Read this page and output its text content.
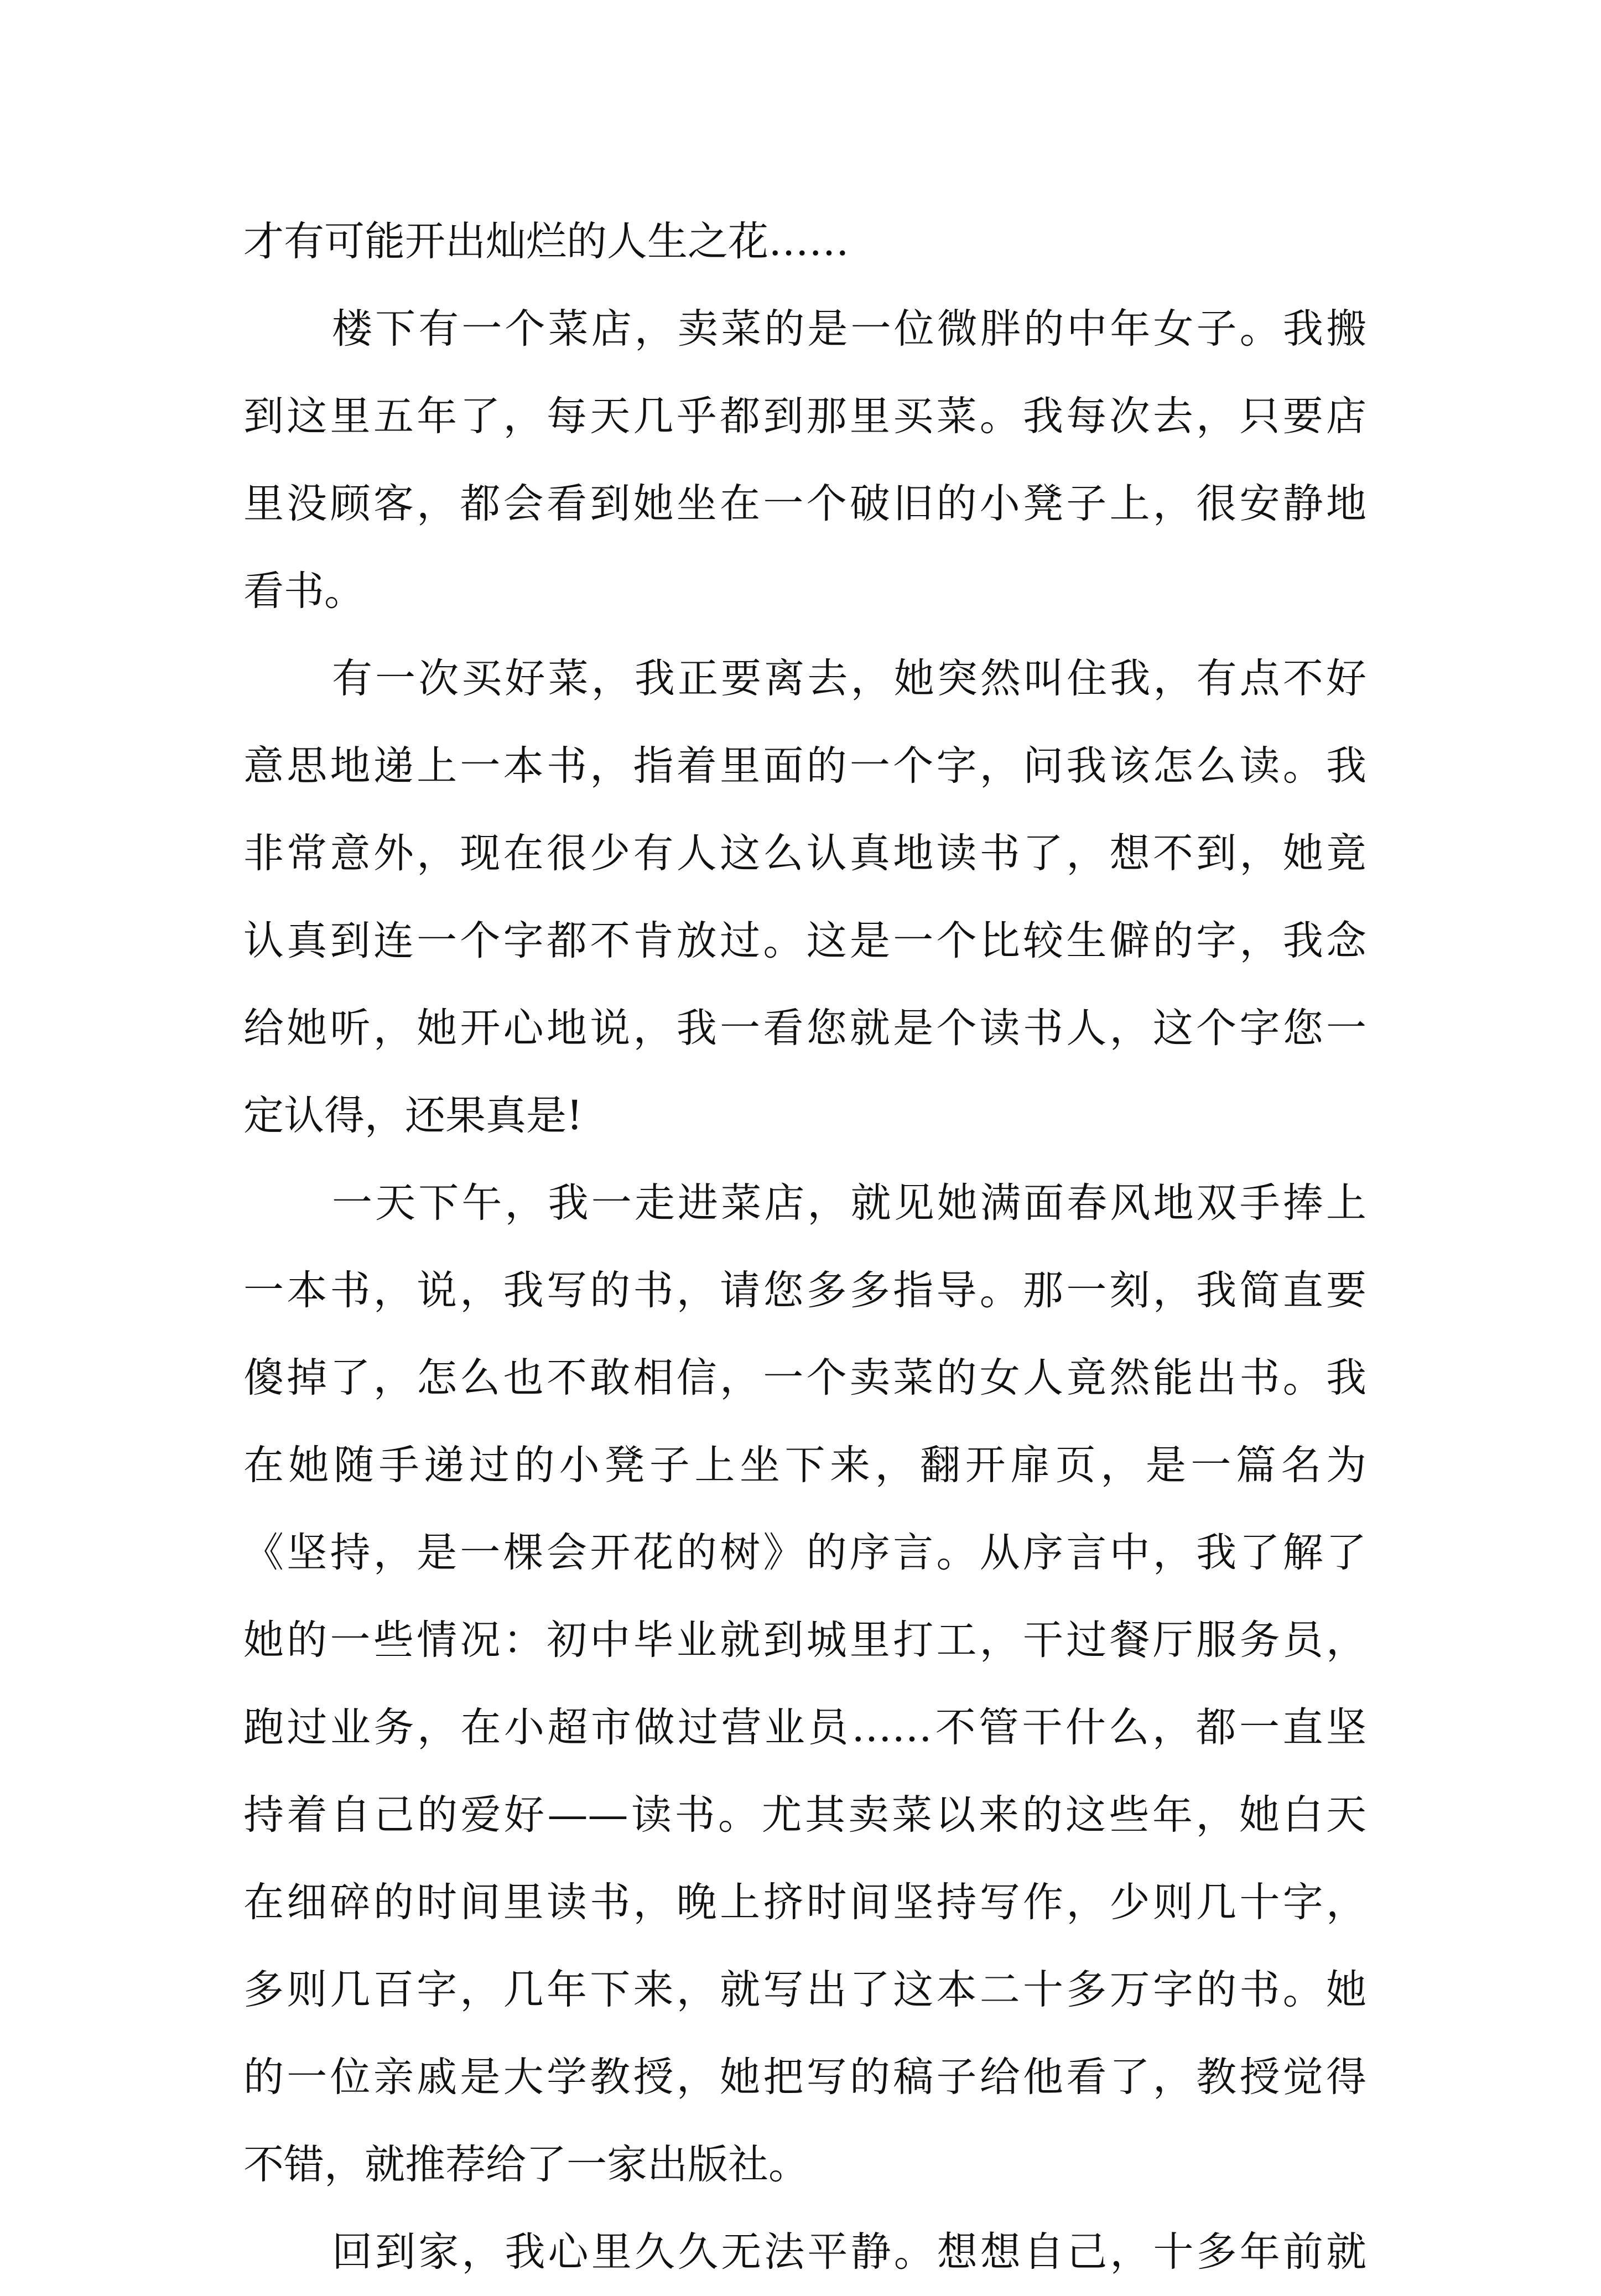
才有可能开出灿烂的人生之花……
楼下有一个菜店，卖菜的是一位微胖的中年女子。我搬
到这里五年了，每天几乎都到那里买菜。我每次去，只要店
里没顾客，都会看到她坐在一个破旧的小凳子上，很安静地
看书。
有一次买好菜，我正要离去，她突然叫住我，有点不好
意思地递上一本书，指着里面的一个字，问我该怎么读。我
非常意外，现在很少有人这么认真地读书了，想不到，她竟
认真到连一个字都不肯放过。这是一个比较生僻的字，我念
给她听，她开心地说，我一看您就是个读书人，这个字您一
定认得，还果真是!
一天下午，我一走进菜店，就见她满面春风地双手捧上
一本书，说，我写的书，请您多多指导。那一刻，我简直要
傻掉了，怎么也不敢相信，一个卖菜的女人竟然能出书。我
在她随手递过的小凳子上坐下来，翻开扉页，是一篇名为
《坚持，是一棵会开花的树》的序言。从序言中，我了解了
她的一些情况：初中毕业就到城里打工，干过餐厅服务员，
跑过业务，在小超市做过营业员……不管干什么，都一直坚
持着自己的爱好——读书。尤其卖菜以来的这些年，她白天
在细碎的时间里读书，晚上挤时间坚持写作，少则几十字，
多则几百字，几年下来，就写出了这本二十多万字的书。她
的一位亲戚是大学教授，她把写的稿子给他看了，教授觉得
不错，就推荐给了一家出版社。
回到家，我心里久久无法平静。想想自己，十多年前就
